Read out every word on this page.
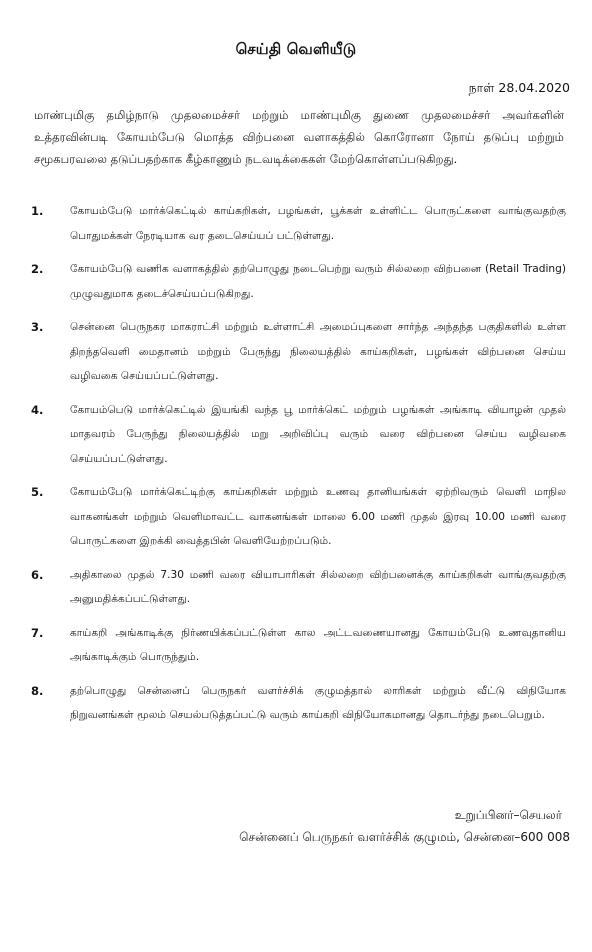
செய்தி வெளியீடு
நாள் 28.04.2020

மாண்புமிகு தமிழ்நாடு முதலமைச்சர் மற்றும் மாண்புமிகு துணை முதலமைச்சர் அவர்களின் உத்தரவின்படி கோயம்பேடு மொத்த விற்பனை வளாகத்தில் கொரோனா நோய் தடுப்பு மற்றும் சமூகபரவலை தடுப்பதற்காக கீழ்காணும் நடவடிக்கைகள் மேற்கொள்ளப்படுகிறது.

1.	கோயம்பேடு மார்க்கெட்டில் காய்கறிகள், பழங்கள், பூக்கள் உள்ளிட்ட பொருட்களை வாங்குவதற்கு பொதுமக்கள் நேரடியாக வர தடைசெய்யப் பட்டுள்ளது.
2.	கோயம்பேடு வணிக வளாகத்தில் தற்பொழுது நடைபெற்று வரும் சில்லறை விற்பனை (Retail Trading) முழுவதுமாக தடைச்செய்யப்படுகிறது.
3.	சென்னை பெருநகர மாகராட்சி மற்றும் உள்ளாட்சி அமைப்புகளை சார்ந்த அந்தந்த பகுதிகளில் உள்ள திறந்தவெளி மைதானம் மற்றும் பேருந்து நிலையத்தில் காய்கறிகள், பழங்கள் விற்பனை செய்ய வழிவகை செய்யப்பட்டுள்ளது.
4.	கோயம்பெடு மார்க்கெட்டில் இயங்கி வந்த பூ மார்க்கெட் மற்றும் பழங்கள் அங்காடி வியாழன் முதல் மாதவரம் பேருந்து நிலையத்தில் மறு அறிவிப்பு வரும் வரை விற்பனை செய்ய வழிவகை செய்யப்பட்டுள்ளது.
5.	கோயம்பேடு மார்க்கெட்டிற்கு காய்கறிகள் மற்றும் உணவு தானியங்கள் ஏற்றிவரும் வெளி மாநில வாகனங்கள் மற்றும் வெளிமாவட்ட வாகனங்கள் மாலை 6.00 மணி முதல் இரவு 10.00 மணி வரை பொருட்களை இறக்கி வைத்தபின் வெளியேற்றப்படும்.
6.	அதிகாலை முதல் 7.30 மணி வரை வியாபாரிகள் சில்லறை விற்பனைக்கு காய்கறிகள் வாங்குவதற்கு அனுமதிக்கப்பட்டுள்ளது.
7.	காய்கறி அங்காடிக்கு நிர்ணயிக்கப்பட்டுள்ள கால அட்டவணையானது கோயம்பேடு உணவுதானிய அங்காடிக்கும் பொருந்தும்.
8.	தற்பொழுது சென்னைப் பெருநகர் வளர்ச்சிக் குழுமத்தால் லாரிகள் மற்றும் வீட்டு விநியோக நிறுவனங்கள் மூலம் செயல்படுத்தப்பட்டு வரும் காய்கறி விநியோகமானது தொடர்ந்து நடைபெறும்.
உறுப்பினர்–செயலர்
சென்னைப் பெருநகர் வளர்ச்சிக் குழுமம், சென்னை–600 008
